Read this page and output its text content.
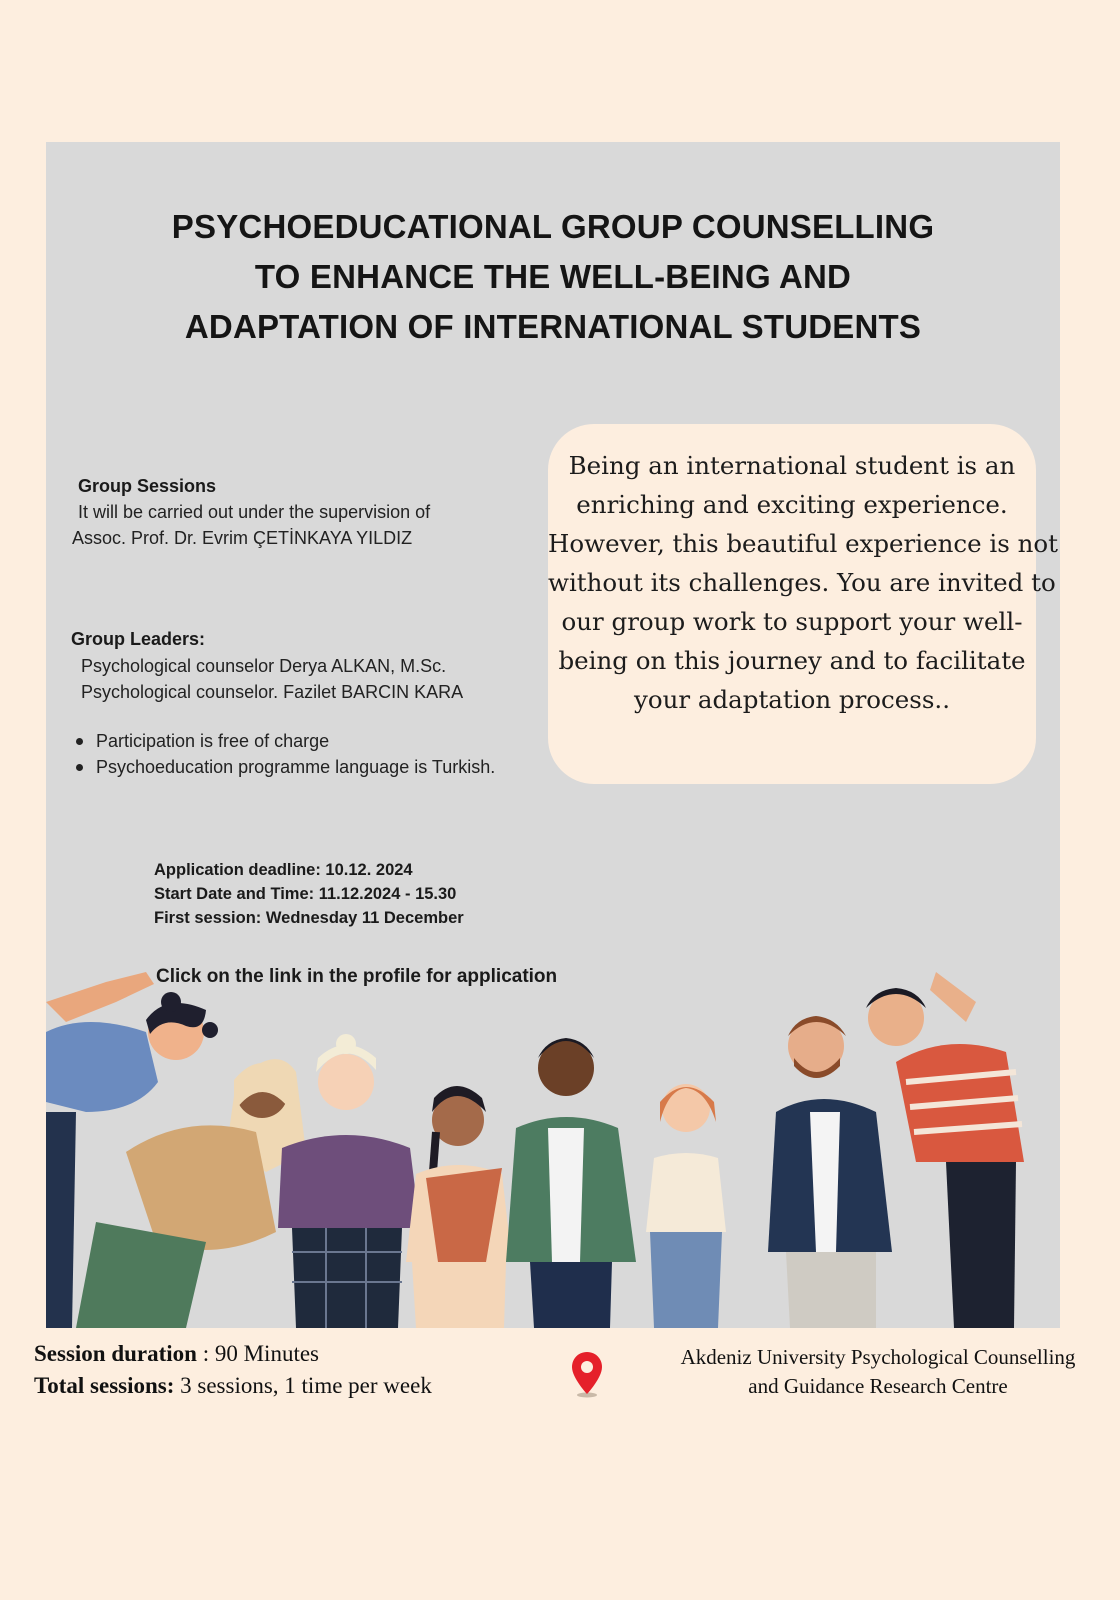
PSYCHOEDUCATIONAL GROUP COUNSELLING
TO ENHANCE THE WELL-BEING AND
ADAPTATION OF INTERNATIONAL STUDENTS
Group Sessions
It will be carried out under the supervision of
Assoc. Prof. Dr. Evrim ÇETİNKAYA YILDIZ
Group Leaders:
Psychological counselor Derya ALKAN, M.Sc.
Psychological counselor. Fazilet BARCIN KARA
Participation is free of charge
Psychoeducation programme language is Turkish.
Application deadline: 10.12. 2024
Start Date and Time: 11.12.2024 - 15.30
First session: Wednesday 11 December
Click on the link in the profile for application
Being an international student is an
enriching and exciting experience.
However, this beautiful experience is not
without its challenges. You are invited to
our group work to support your well-
being on this journey and to facilitate
your adaptation process..
Session duration : 90 Minutes
Total sessions: 3 sessions, 1 time per week
Akdeniz University Psychological Counselling
and Guidance Research Centre
